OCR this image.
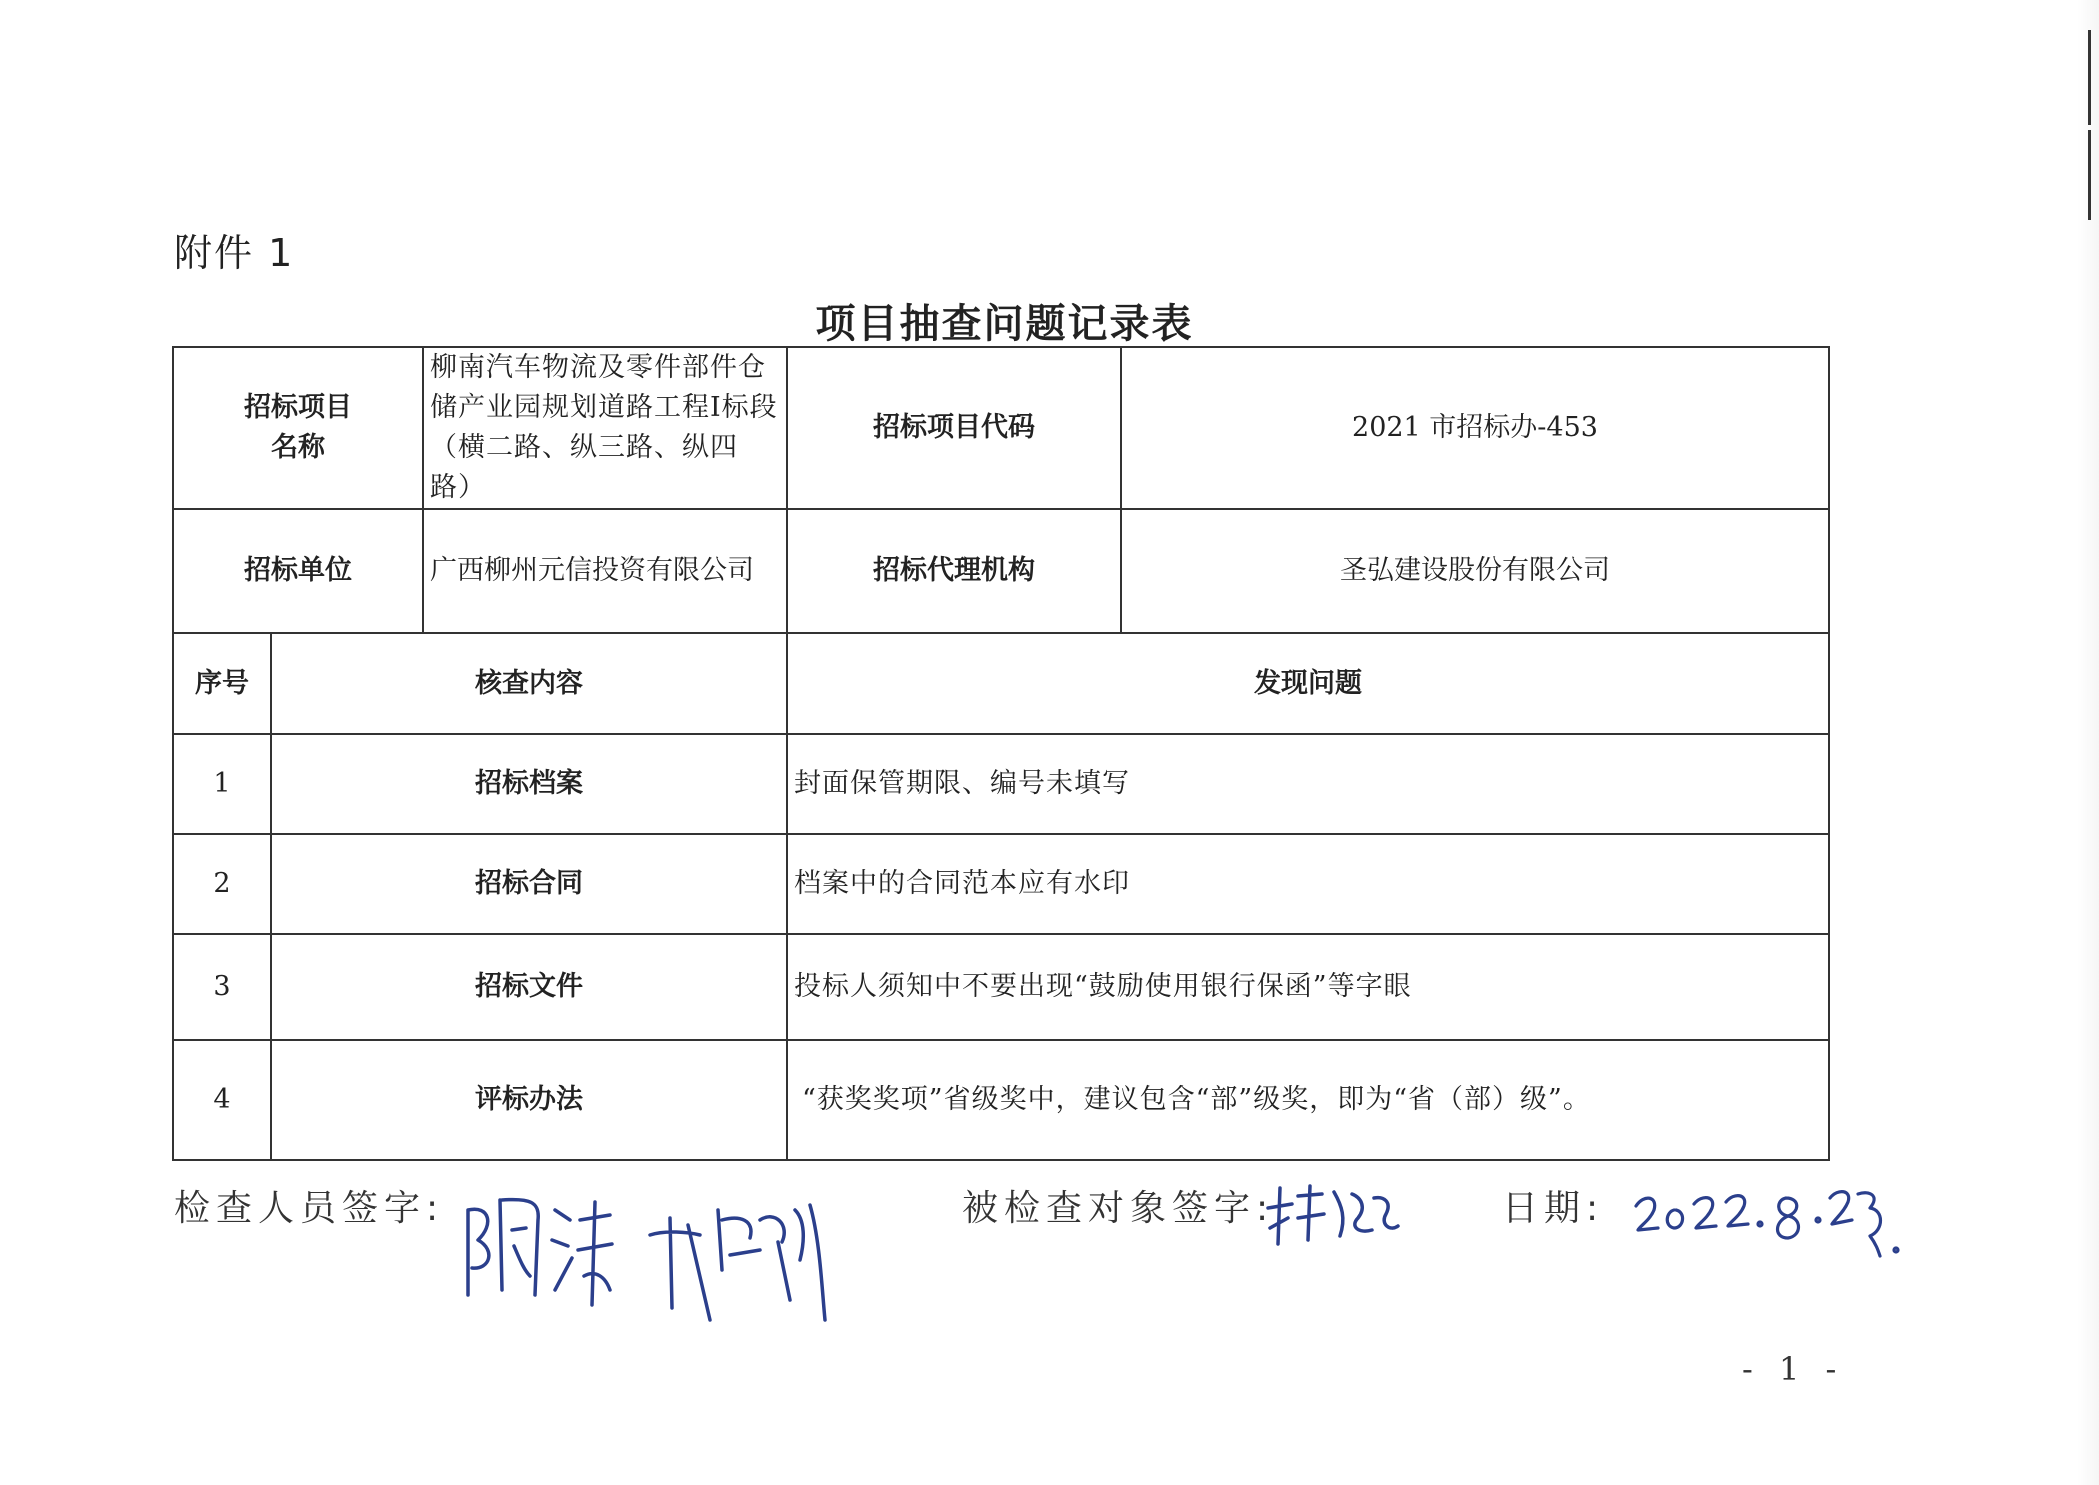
附件 1
项目抽查问题记录表
招标项目
名称		柳南汽车物流及零件部件仓储产业园规划道路工程I标段（横二路、纵三路、纵四路）	招标项目代码	2021 市招标办-453
招标单位		广西柳州元信投资有限公司	招标代理机构	圣弘建设股份有限公司
序号	核查内容		发现问题	
1	招标档案		封面保管期限、编号未填写	
2	招标合同		档案中的合同范本应有水印	
3	招标文件		投标人须知中不要出现“鼓励使用银行保函”等字眼	
4	评标办法		“获奖奖项”省级奖中，建议包含“部”级奖，即为“省（部）级”。	
检查人员签字:	被检查对象签字:	日期:
- 1 -
